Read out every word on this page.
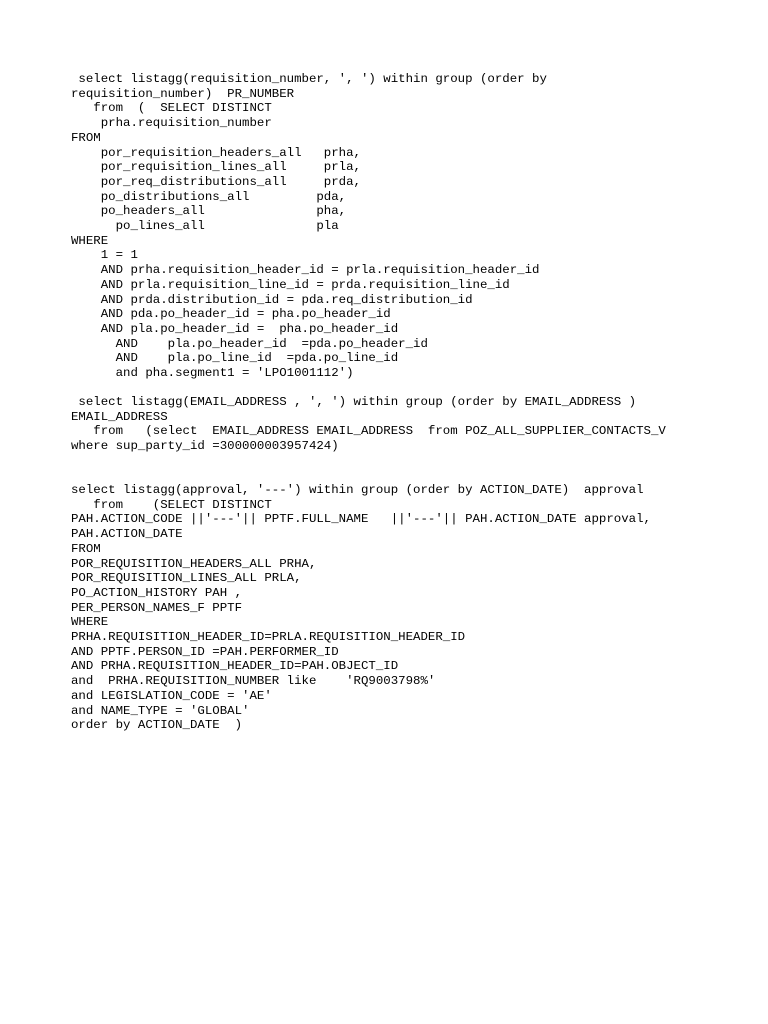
select listagg(requisition_number, ', ') within group (order by
requisition_number)  PR_NUMBER
from  (  SELECT DISTINCT
prha.requisition_number
FROM
por_requisition_headers_all   prha,
por_requisition_lines_all     prla,
por_req_distributions_all     prda,
po_distributions_all         pda,
po_headers_all               pha,
po_lines_all               pla
WHERE
1 = 1
AND prha.requisition_header_id = prla.requisition_header_id
AND prla.requisition_line_id = prda.requisition_line_id
AND prda.distribution_id = pda.req_distribution_id
AND pda.po_header_id = pha.po_header_id
AND pla.po_header_id =  pha.po_header_id
AND    pla.po_header_id  =pda.po_header_id
AND    pla.po_line_id  =pda.po_line_id
and pha.segment1 = 'LPO1001112')
select listagg(EMAIL_ADDRESS , ', ') within group (order by EMAIL_ADDRESS )
EMAIL_ADDRESS
from   (select  EMAIL_ADDRESS EMAIL_ADDRESS  from POZ_ALL_SUPPLIER_CONTACTS_V
where sup_party_id =300000003957424)
select listagg(approval, '---') within group (order by ACTION_DATE)  approval
from    (SELECT DISTINCT
PAH.ACTION_CODE ||'---'|| PPTF.FULL_NAME   ||'---'|| PAH.ACTION_DATE approval,
PAH.ACTION_DATE
FROM
POR_REQUISITION_HEADERS_ALL PRHA,
POR_REQUISITION_LINES_ALL PRLA,
PO_ACTION_HISTORY PAH ,
PER_PERSON_NAMES_F PPTF
WHERE
PRHA.REQUISITION_HEADER_ID=PRLA.REQUISITION_HEADER_ID
AND PPTF.PERSON_ID =PAH.PERFORMER_ID
AND PRHA.REQUISITION_HEADER_ID=PAH.OBJECT_ID
and  PRHA.REQUISITION_NUMBER like    'RQ9003798%'
and LEGISLATION_CODE = 'AE'
and NAME_TYPE = 'GLOBAL'
order by ACTION_DATE  )
